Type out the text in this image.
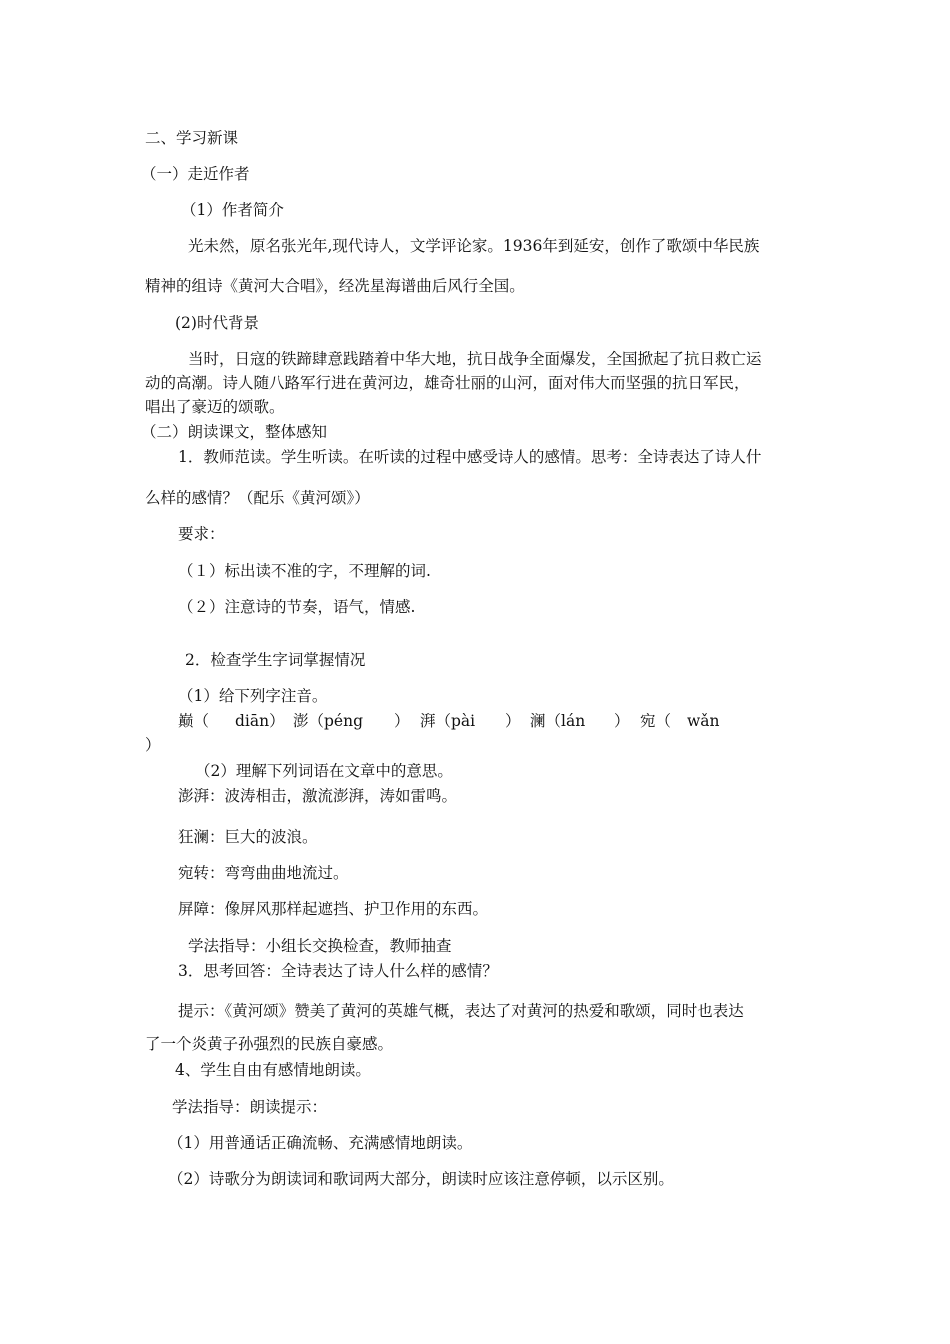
二、学习新课
（一）走近作者
（1）作者简介
光未然，原名张光年,现代诗人，文学评论家。1936年到延安，创作了歌颂中华民族
精神的组诗《黄河大合唱》，经冼星海谱曲后风行全国。
(2)时代背景
当时，日寇的铁蹄肆意践踏着中华大地，抗日战争全面爆发，全国掀起了抗日救亡运
动的高潮。诗人随八路军行进在黄河边，雄奇壮丽的山河，面对伟大而坚强的抗日军民，
唱出了豪迈的颂歌。
（二）朗读课文，整体感知
1．教师范读。学生听读。在听读的过程中感受诗人的感情。思考：全诗表达了诗人什
么样的感情？（配乐《黄河颂》）
要求：
（１）标出读不准的字，不理解的词.
（２）注意诗的节奏，语气，情感.
2．检查学生字词掌握情况
（1）给下列字注音。
巅（ diān） 澎（péng ） 湃（pài ） 澜（lán ） 宛（ wǎn
）
（2）理解下列词语在文章中的意思。
澎湃：波涛相击，激流澎湃，涛如雷鸣。
狂澜：巨大的波浪。
宛转：弯弯曲曲地流过。
屏障：像屏风那样起遮挡、护卫作用的东西。
学法指导：小组长交换检查，教师抽查
3．思考回答：全诗表达了诗人什么样的感情？
提示：《黄河颂》赞美了黄河的英雄气概，表达了对黄河的热爱和歌颂，同时也表达
了一个炎黄子孙强烈的民族自豪感。
4、学生自由有感情地朗读。
学法指导：朗读提示：
（1）用普通话正确流畅、充满感情地朗读。
（2）诗歌分为朗读词和歌词两大部分，朗读时应该注意停顿，以示区别。
